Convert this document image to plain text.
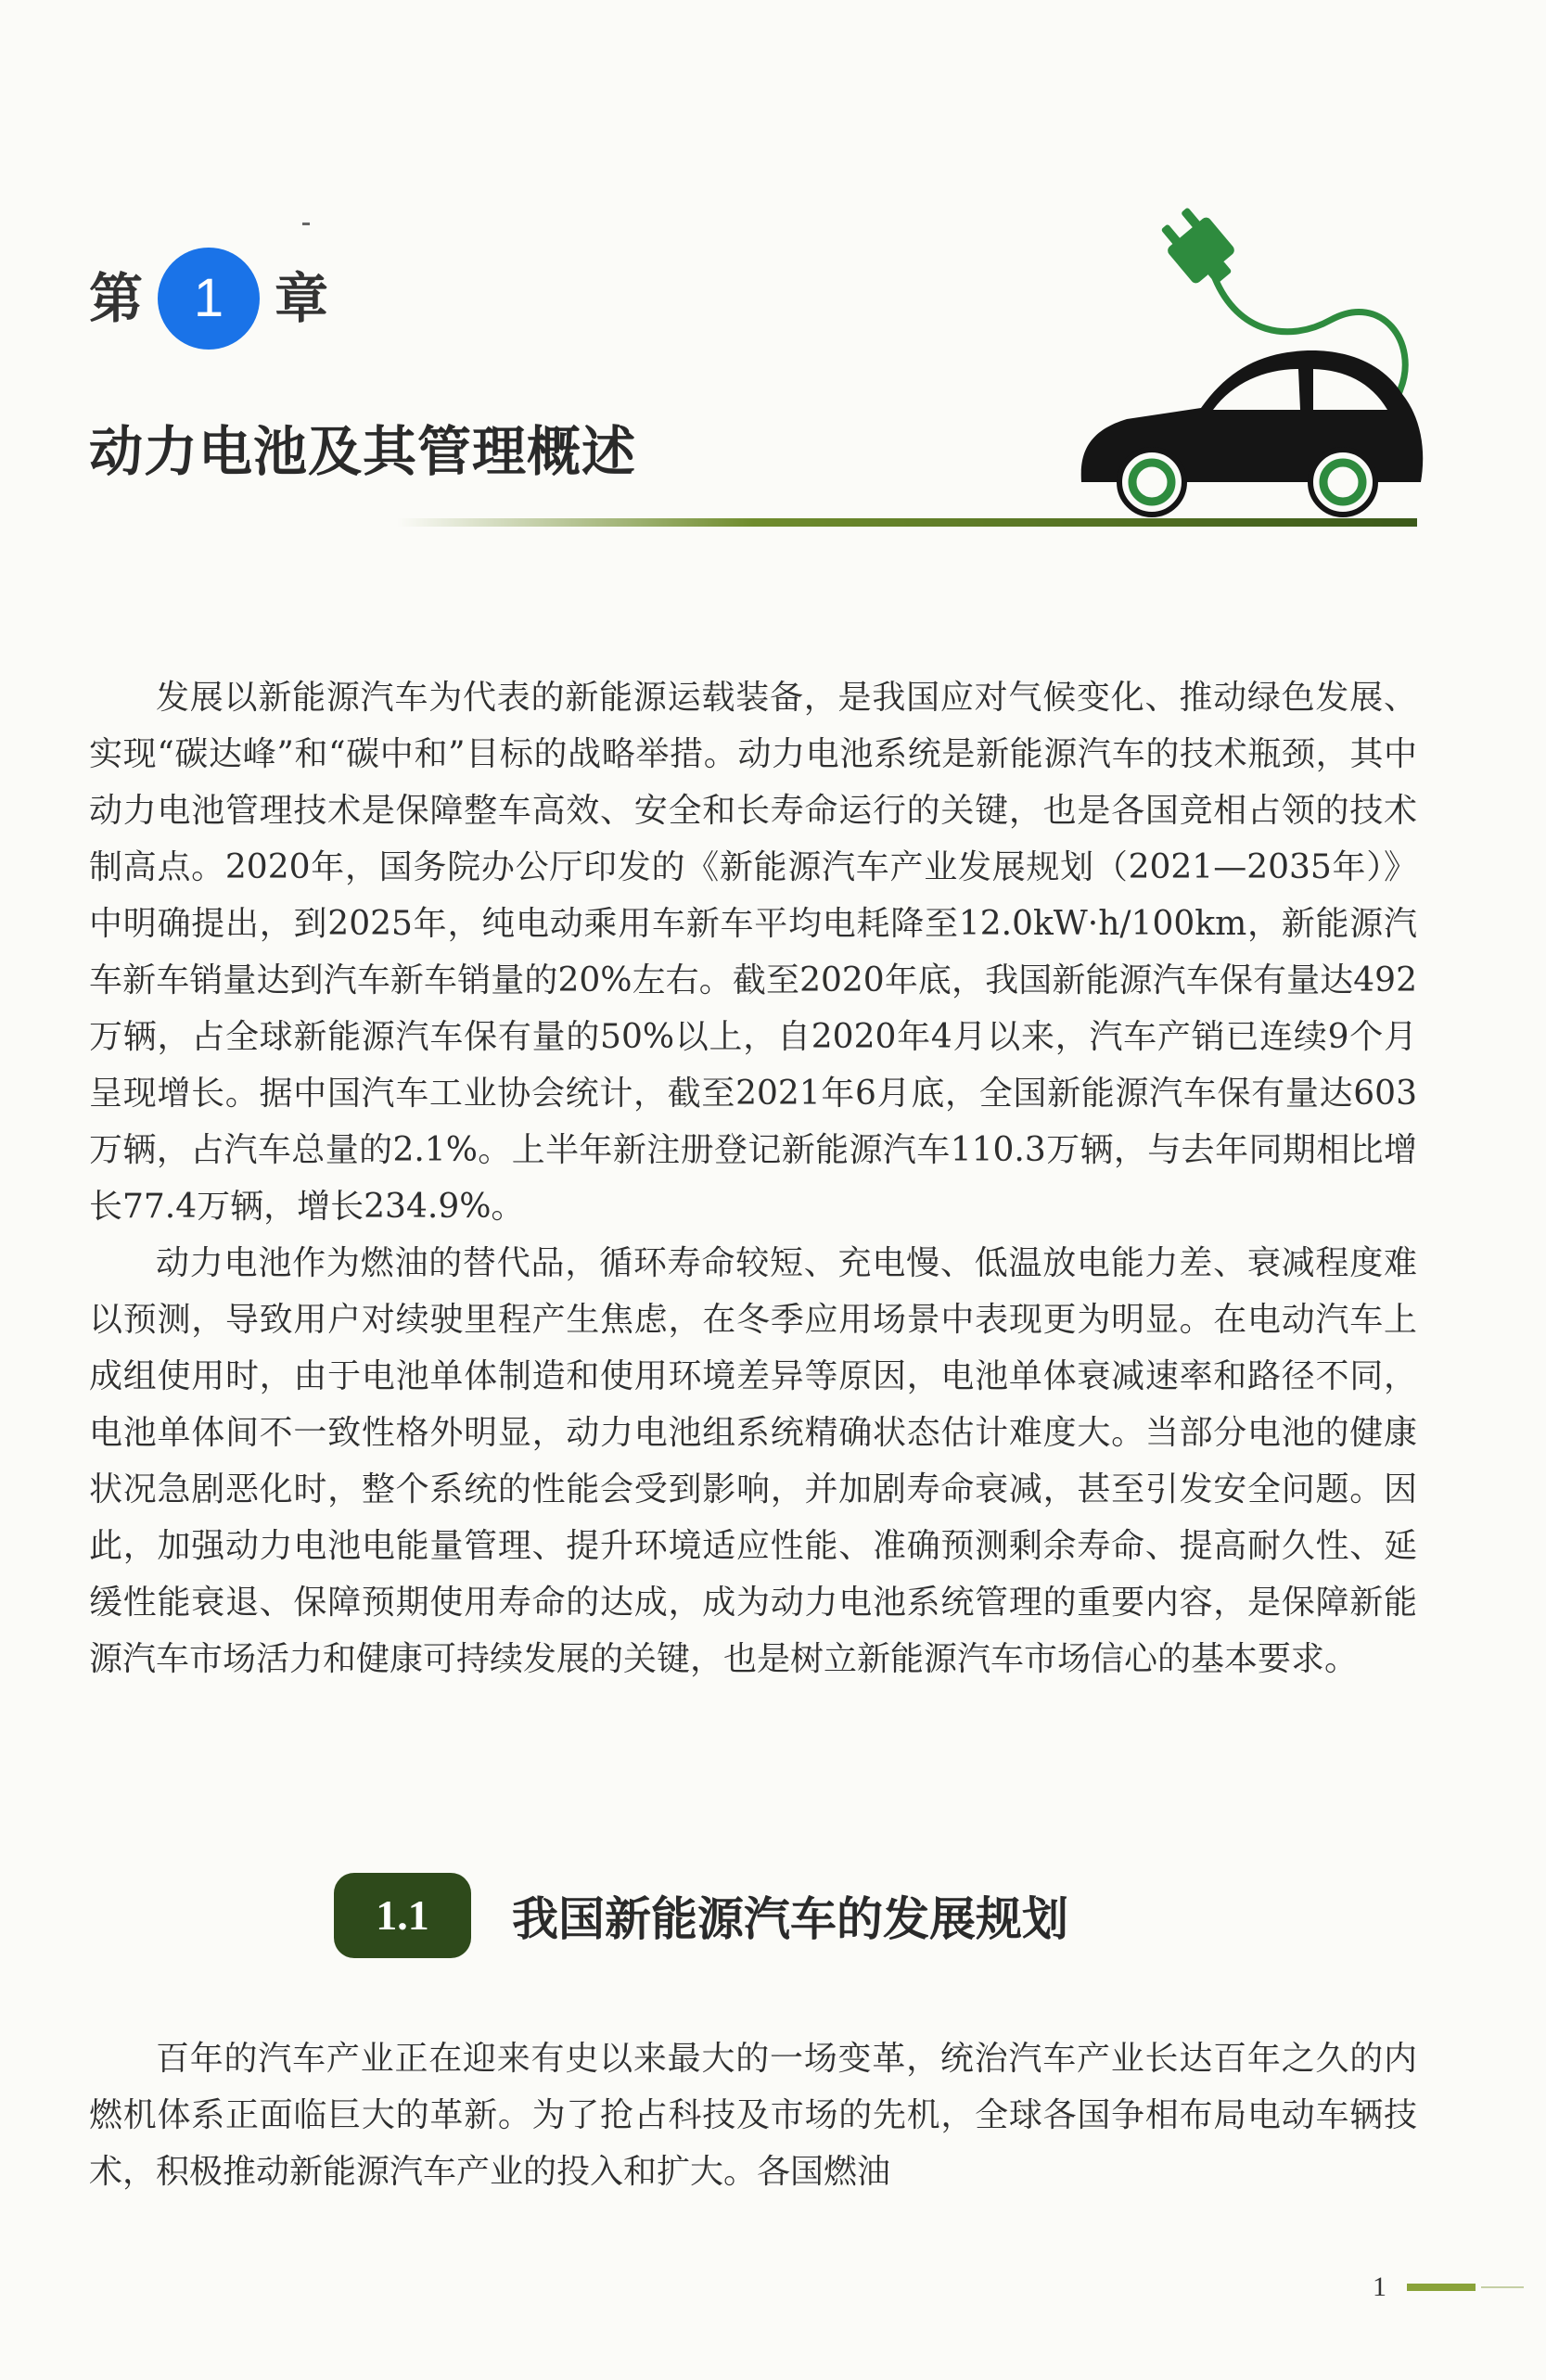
第 1 章
动力电池及其管理概述

发展以新能源汽车为代表的新能源运载装备，是我国应对气候变化、推动绿色发展、实现“碳达峰”和“碳中和”目标的战略举措。动力电池系统是新能源汽车的技术瓶颈，其中动力电池管理技术是保障整车高效、安全和长寿命运行的关键，也是各国竞相占领的技术制高点。2020年，国务院办公厅印发的《新能源汽车产业发展规划（2021—2035年）》中明确提出，到2025年，纯电动乘用车新车平均电耗降至12.0kW·h/100km，新能源汽车新车销量达到汽车新车销量的20%左右。截至2020年底，我国新能源汽车保有量达492万辆，占全球新能源汽车保有量的50%以上，自2020年4月以来，汽车产销已连续9个月呈现增长。据中国汽车工业协会统计，截至2021年6月底，全国新能源汽车保有量达603万辆，占汽车总量的2.1%。上半年新注册登记新能源汽车110.3万辆，与去年同期相比增长77.4万辆，增长234.9%。

动力电池作为燃油的替代品，循环寿命较短、充电慢、低温放电能力差、衰减程度难以预测，导致用户对续驶里程产生焦虑，在冬季应用场景中表现更为明显。在电动汽车上成组使用时，由于电池单体制造和使用环境差异等原因，电池单体衰减速率和路径不同，电池单体间不一致性格外明显，动力电池组系统精确状态估计难度大。当部分电池的健康状况急剧恶化时，整个系统的性能会受到影响，并加剧寿命衰减，甚至引发安全问题。因此，加强动力电池电能量管理、提升环境适应性能、准确预测剩余寿命、提高耐久性、延缓性能衰退、保障预期使用寿命的达成，成为动力电池系统管理的重要内容，是保障新能源汽车市场活力和健康可持续发展的关键，也是树立新能源汽车市场信心的基本要求。

1.1	我国新能源汽车的发展规划

百年的汽车产业正在迎来有史以来最大的一场变革，统治汽车产业长达百年之久的内燃机体系正面临巨大的革新。为了抢占科技及市场的先机，全球各国争相布局电动车辆技术，积极推动新能源汽车产业的投入和扩大。各国燃油

1
